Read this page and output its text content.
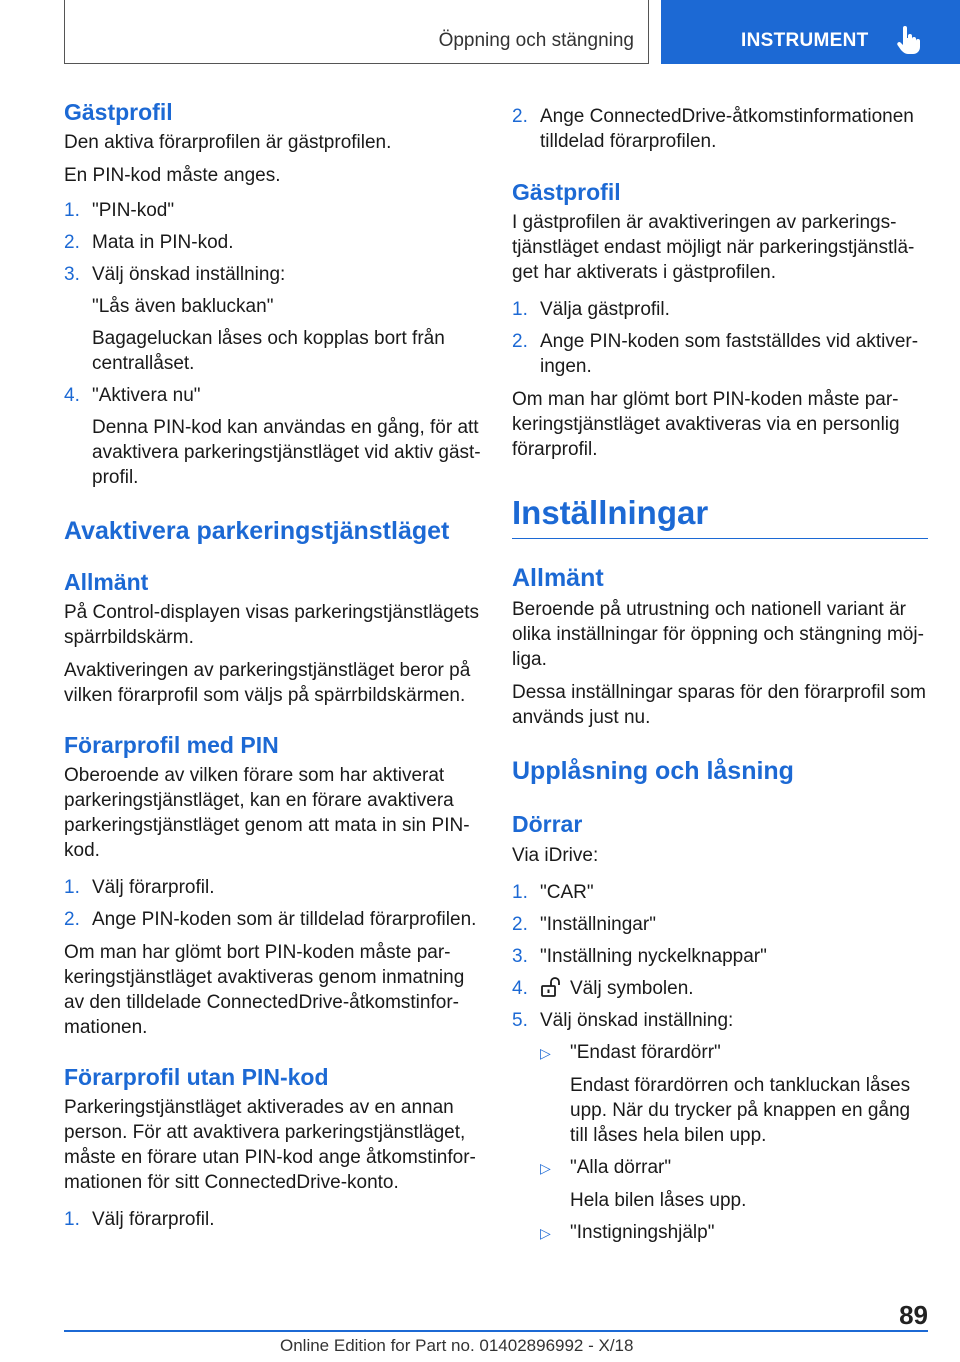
Öppning och stängning	INSTRUMENT
Gästprofil

Den aktiva förarprofilen är gästprofilen.

En PIN-kod måste anges.

1. "PIN-kod"
2. Mata in PIN-kod.
3. Välj önskad inställning:
"Lås även bakluckan"
Bagageluckan låses och kopplas bort från centrallåset.
4. "Aktivera nu"
Denna PIN-kod kan användas en gång, för att avaktivera parkeringstjänstläget vid aktiv gäst-profil.
Avaktivera parkeringstjänstläget
Allmänt

På Control-displayen visas parkeringstjänstlägets spärrbildskärm.

Avaktiveringen av parkeringstjänstläget beror på vilken förarprofil som väljs på spärrbildskärmen.

Förarprofil med PIN

Oberoende av vilken förare som har aktiverat parkeringstjänstläget, kan en förare avaktivera parkeringstjänstläget genom att mata in sin PIN-kod.

1. Välj förarprofil.
2. Ange PIN-koden som är tilldelad förarprofilen.

Om man har glömt bort PIN-koden måste par-keringstjänstläget avaktiveras genom inmatning av den tilldelade ConnectedDrive-åtkomstinfor-mationen.

Förarprofil utan PIN-kod

Parkeringstjänstläget aktiverades av en annan person. För att avaktivera parkeringstjänstläget, måste en förare utan PIN-kod ange åtkomstinfor-mationen för sitt ConnectedDrive-konto.

1. Välj förarprofil.
2. Ange ConnectedDrive-åtkomstinformationen tilldelad förarprofilen.
Gästprofil

I gästprofilen är avaktiveringen av parkerings-tjänstläget endast möjligt när parkeringstjänstlä-get har aktiverats i gästprofilen.

1. Välja gästprofil.
2. Ange PIN-koden som fastställdes vid aktiver-ingen.

Om man har glömt bort PIN-koden måste par-keringstjänstläget avaktiveras via en personlig förarprofil.

Inställningar
Allmänt

Beroende på utrustning och nationell variant är olika inställningar för öppning och stängning möj-liga.

Dessa inställningar sparas för den förarprofil som används just nu.

Upplåsning och låsning
Dörrar

Via iDrive:

1. "CAR"
2. "Inställningar"
3. "Inställning nyckelknappar"
4.	Välj symbolen.
5. Välj önskad inställning:
▷	"Endast förardörr"
Endast förardörren och tankluckan låses upp. När du trycker på knappen en gång till låses hela bilen upp.
▷	"Alla dörrar"
Hela bilen låses upp.
▷	"Instigningshjälp"
89
Online Edition for Part no. 01402896992 - X/18
